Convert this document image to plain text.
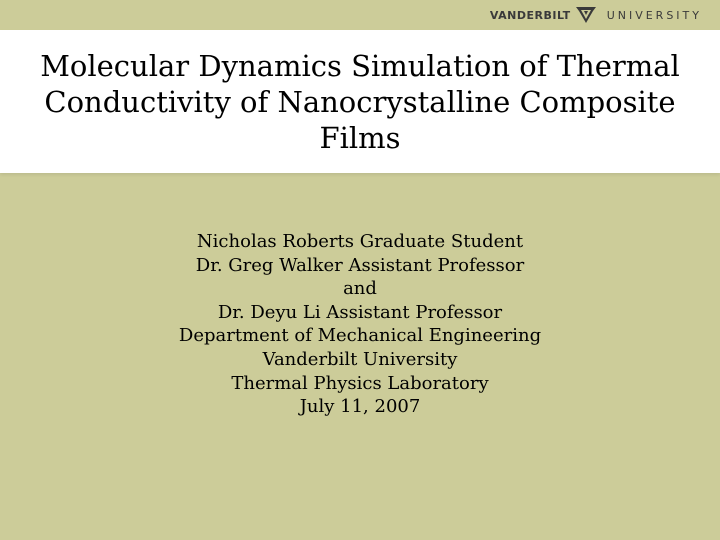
VANDERBILT	UNIVERSITY
Molecular Dynamics Simulation of Thermal Conductivity of Nanocrystalline Composite Films
Nicholas Roberts Graduate Student
Dr. Greg Walker Assistant Professor
and
Dr. Deyu Li Assistant Professor
Department of Mechanical Engineering
Vanderbilt University
Thermal Physics Laboratory
July 11, 2007
